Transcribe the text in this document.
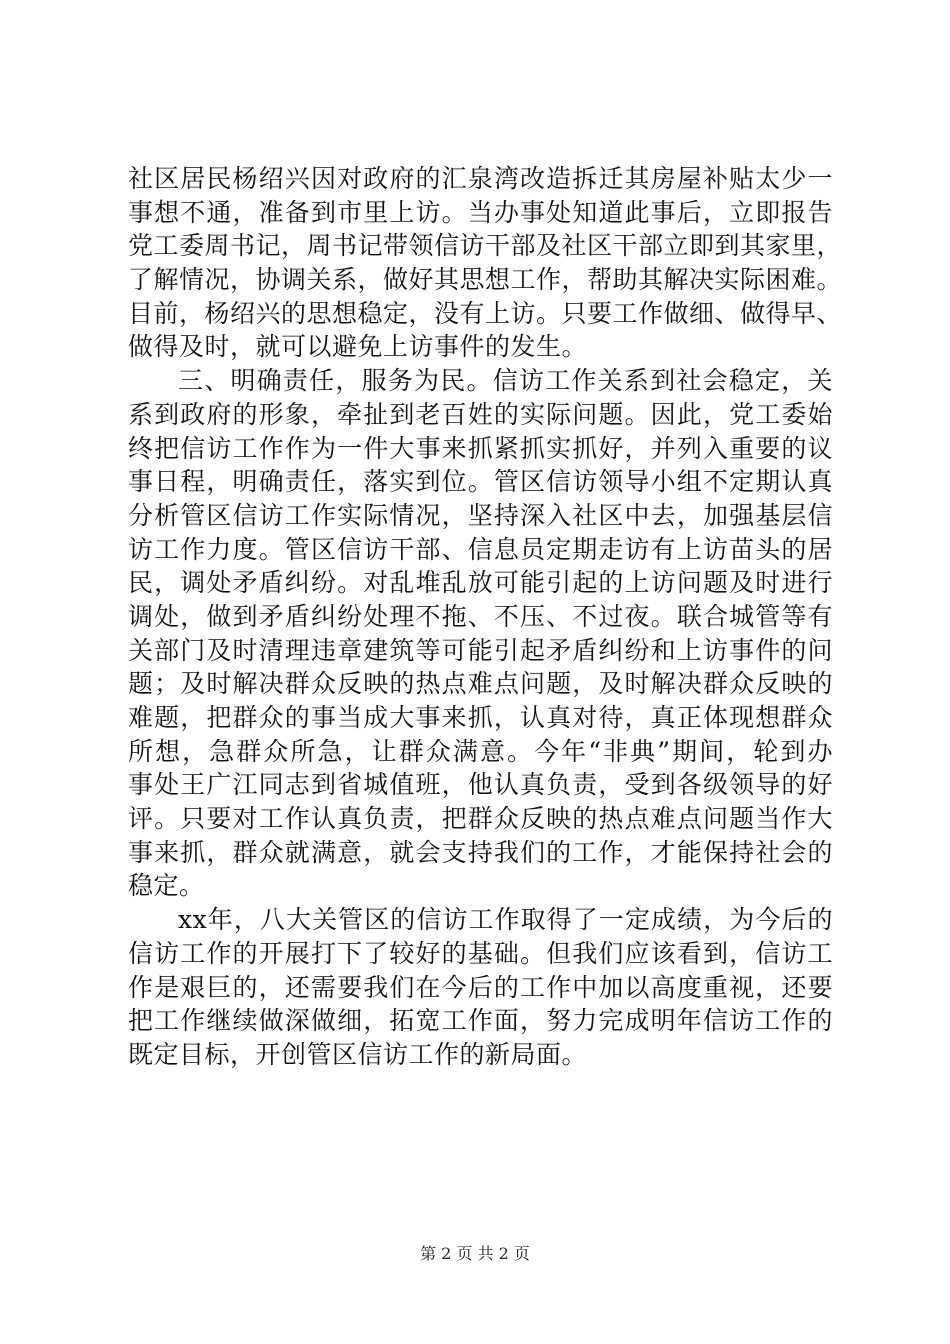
社区居民杨绍兴因对政府的汇泉湾改造拆迁其房屋补贴太少一
事想不通，准备到市里上访。当办事处知道此事后，立即报告
党工委周书记，周书记带领信访干部及社区干部立即到其家里，
了解情况，协调关系，做好其思想工作，帮助其解决实际困难。
目前，杨绍兴的思想稳定，没有上访。只要工作做细、做得早、
做得及时，就可以避免上访事件的发生。
三、明确责任，服务为民。信访工作关系到社会稳定，关
系到政府的形象，牵扯到老百姓的实际问题。因此，党工委始
终把信访工作作为一件大事来抓紧抓实抓好，并列入重要的议
事日程，明确责任，落实到位。管区信访领导小组不定期认真
分析管区信访工作实际情况，坚持深入社区中去，加强基层信
访工作力度。管区信访干部、信息员定期走访有上访苗头的居
民，调处矛盾纠纷。对乱堆乱放可能引起的上访问题及时进行
调处，做到矛盾纠纷处理不拖、不压、不过夜。联合城管等有
关部门及时清理违章建筑等可能引起矛盾纠纷和上访事件的问
题；及时解决群众反映的热点难点问题，及时解决群众反映的
难题，把群众的事当成大事来抓，认真对待，真正体现想群众
所想，急群众所急，让群众满意。今年“非典”期间，轮到办
事处王广江同志到省城值班，他认真负责，受到各级领导的好
评。只要对工作认真负责，把群众反映的热点难点问题当作大
事来抓，群众就满意，就会支持我们的工作，才能保持社会的
稳定。
xx年，八大关管区的信访工作取得了一定成绩，为今后的
信访工作的开展打下了较好的基础。但我们应该看到，信访工
作是艰巨的，还需要我们在今后的工作中加以高度重视，还要
把工作继续做深做细，拓宽工作面，努力完成明年信访工作的
既定目标，开创管区信访工作的新局面。
第 2 页 共 2 页
